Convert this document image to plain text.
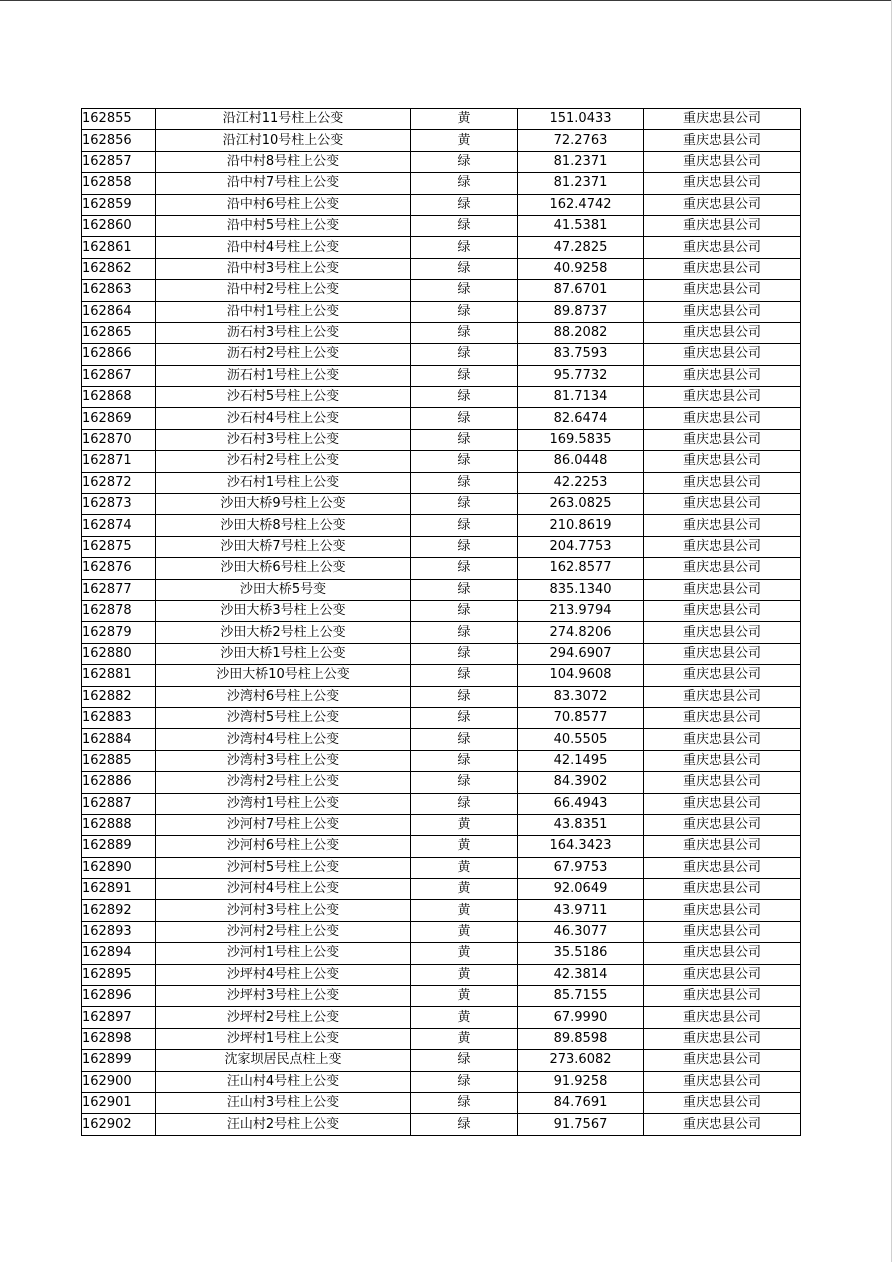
162855	沿江村11号柱上公变	黄	151.0433	重庆忠县公司
162856	沿江村10号柱上公变	黄	72.2763	重庆忠县公司
162857	沿中村8号柱上公变	绿	81.2371	重庆忠县公司
162858	沿中村7号柱上公变	绿	81.2371	重庆忠县公司
162859	沿中村6号柱上公变	绿	162.4742	重庆忠县公司
162860	沿中村5号柱上公变	绿	41.5381	重庆忠县公司
162861	沿中村4号柱上公变	绿	47.2825	重庆忠县公司
162862	沿中村3号柱上公变	绿	40.9258	重庆忠县公司
162863	沿中村2号柱上公变	绿	87.6701	重庆忠县公司
162864	沿中村1号柱上公变	绿	89.8737	重庆忠县公司
162865	沥石村3号柱上公变	绿	88.2082	重庆忠县公司
162866	沥石村2号柱上公变	绿	83.7593	重庆忠县公司
162867	沥石村1号柱上公变	绿	95.7732	重庆忠县公司
162868	沙石村5号柱上公变	绿	81.7134	重庆忠县公司
162869	沙石村4号柱上公变	绿	82.6474	重庆忠县公司
162870	沙石村3号柱上公变	绿	169.5835	重庆忠县公司
162871	沙石村2号柱上公变	绿	86.0448	重庆忠县公司
162872	沙石村1号柱上公变	绿	42.2253	重庆忠县公司
162873	沙田大桥9号柱上公变	绿	263.0825	重庆忠县公司
162874	沙田大桥8号柱上公变	绿	210.8619	重庆忠县公司
162875	沙田大桥7号柱上公变	绿	204.7753	重庆忠县公司
162876	沙田大桥6号柱上公变	绿	162.8577	重庆忠县公司
162877	沙田大桥5号变	绿	835.1340	重庆忠县公司
162878	沙田大桥3号柱上公变	绿	213.9794	重庆忠县公司
162879	沙田大桥2号柱上公变	绿	274.8206	重庆忠县公司
162880	沙田大桥1号柱上公变	绿	294.6907	重庆忠县公司
162881	沙田大桥10号柱上公变	绿	104.9608	重庆忠县公司
162882	沙湾村6号柱上公变	绿	83.3072	重庆忠县公司
162883	沙湾村5号柱上公变	绿	70.8577	重庆忠县公司
162884	沙湾村4号柱上公变	绿	40.5505	重庆忠县公司
162885	沙湾村3号柱上公变	绿	42.1495	重庆忠县公司
162886	沙湾村2号柱上公变	绿	84.3902	重庆忠县公司
162887	沙湾村1号柱上公变	绿	66.4943	重庆忠县公司
162888	沙河村7号柱上公变	黄	43.8351	重庆忠县公司
162889	沙河村6号柱上公变	黄	164.3423	重庆忠县公司
162890	沙河村5号柱上公变	黄	67.9753	重庆忠县公司
162891	沙河村4号柱上公变	黄	92.0649	重庆忠县公司
162892	沙河村3号柱上公变	黄	43.9711	重庆忠县公司
162893	沙河村2号柱上公变	黄	46.3077	重庆忠县公司
162894	沙河村1号柱上公变	黄	35.5186	重庆忠县公司
162895	沙坪村4号柱上公变	黄	42.3814	重庆忠县公司
162896	沙坪村3号柱上公变	黄	85.7155	重庆忠县公司
162897	沙坪村2号柱上公变	黄	67.9990	重庆忠县公司
162898	沙坪村1号柱上公变	黄	89.8598	重庆忠县公司
162899	沈家坝居民点柱上变	绿	273.6082	重庆忠县公司
162900	汪山村4号柱上公变	绿	91.9258	重庆忠县公司
162901	汪山村3号柱上公变	绿	84.7691	重庆忠县公司
162902	汪山村2号柱上公变	绿	91.7567	重庆忠县公司
